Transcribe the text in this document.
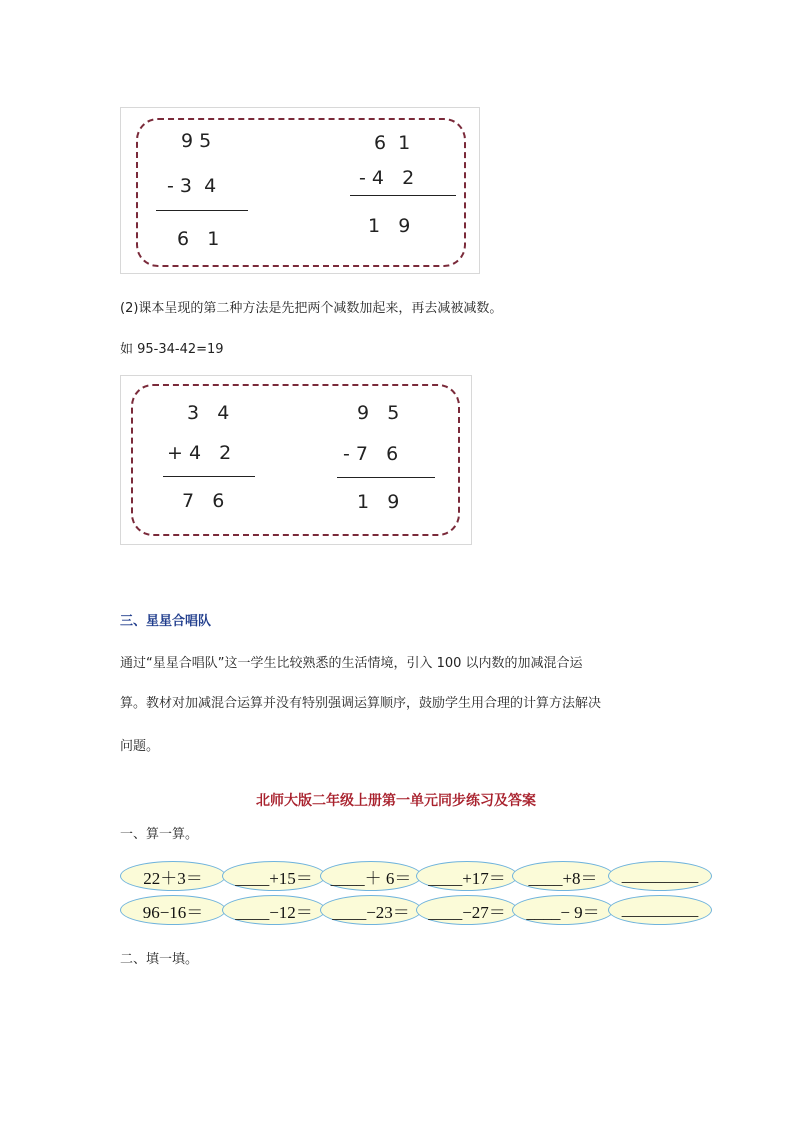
9 5
- 3  4
6   1
6  1
- 4   2
1   9
(2)课本呈现的第二种方法是先把两个减数加起来，再去减被减数。
如 95-34-42=19
3   4
+ 4   2
7   6
9   5
- 7   6
1   9
三、星星合唱队
通过“星星合唱队”这一学生比较熟悉的生活情境，引入 100 以内数的加减混合运
算。教材对加减混合运算并没有特别强调运算顺序，鼓励学生用合理的计算方法解决
问题。
北师大版二年级上册第一单元同步练习及答案
一、算一算。
22＋3＝ ____+15＝ ____＋ 6＝ ____+17＝ ____+8＝ _________
96−16＝ ____−12＝ ____−23＝ ____−27＝ ____− 9＝ _________
二、填一填。
